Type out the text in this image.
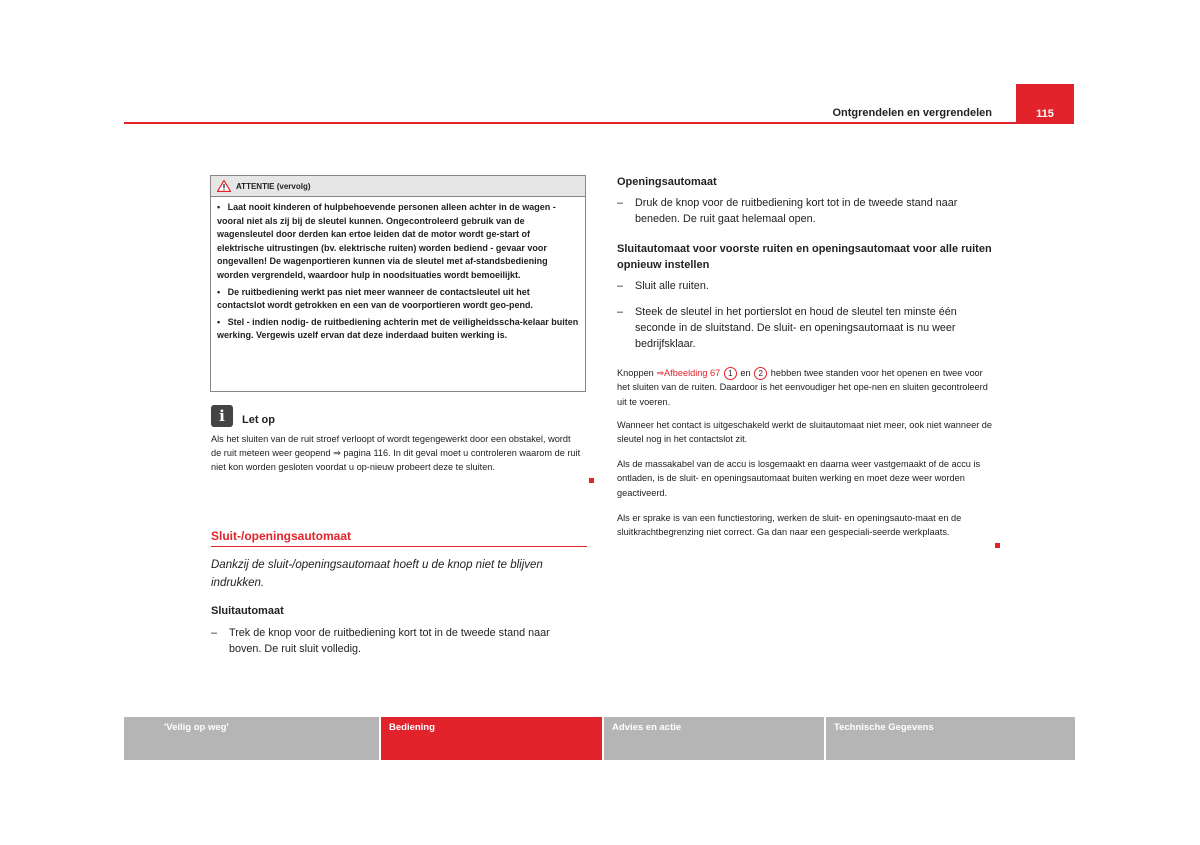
Ontgrendelen en vergrendelen	115
ATTENTIE (vervolg)

•   Laat nooit kinderen of hulpbehoevende personen alleen achter in de wagen - vooral niet als zij bij de sleutel kunnen. Ongecontroleerd gebruik van de wagensleutel door derden kan ertoe leiden dat de motor wordt ge-start of elektrische uitrustingen (bv. elektrische ruiten) worden bediend - gevaar voor ongevallen! De wagenportieren kunnen via de sleutel met af-standsbediening worden vergrendeld, waardoor hulp in noodsituaties wordt bemoeilijkt.

•   De ruitbediening werkt pas niet meer wanneer de contactsleutel uit het contactslot wordt getrokken en een van de voorportieren wordt geo-pend.

•   Stel - indien nodig- de ruitbediening achterin met de veiligheidsscha-kelaar buiten werking. Vergewis uzelf ervan dat deze inderdaad buiten werking is.

i	Let op
Als het sluiten van de ruit stroef verloopt of wordt tegengewerkt door een obstakel, wordt de ruit meteen weer geopend ⇒ pagina 116. In dit geval moet u controleren waarom de ruit niet kon worden gesloten voordat u op-nieuw probeert deze te sluiten.
Sluit-/openingsautomaat
Dankzij de sluit-/openingsautomaat hoeft u de knop niet te blijven indrukken.
Sluitautomaat
–	Trek de knop voor de ruitbediening kort tot in de tweede stand naar boven. De ruit sluit volledig.
Openingsautomaat
–	Druk de knop voor de ruitbediening kort tot in de tweede stand naar beneden. De ruit gaat helemaal open.
Sluitautomaat voor voorste ruiten en openingsautomaat voor alle ruiten opnieuw instellen
–	Sluit alle ruiten.
–	Steek de sleutel in het portierslot en houd de sleutel ten minste één seconde in de sluitstand. De sluit- en openingsautomaat is nu weer bedrijfsklaar.
Knoppen ⇒Afbeelding 67 1 en 2 hebben twee standen voor het openen en twee voor het sluiten van de ruiten. Daardoor is het eenvoudiger het ope-nen en sluiten gecontroleerd uit te voeren.
Wanneer het contact is uitgeschakeld werkt de sluitautomaat niet meer, ook niet wanneer de sleutel nog in het contactslot zit.
Als de massakabel van de accu is losgemaakt en daarna weer vastgemaakt of de accu is ontladen, is de sluit- en openingsautomaat buiten werking en moet deze weer worden geactiveerd.
Als er sprake is van een functiestoring, werken de sluit- en openingsauto-maat en de sluitkrachtbegrenzing niet correct. Ga dan naar een gespeciali-seerde werkplaats.
'Veilig op weg'	Bediening	Advies en actie	Technische Gegevens
